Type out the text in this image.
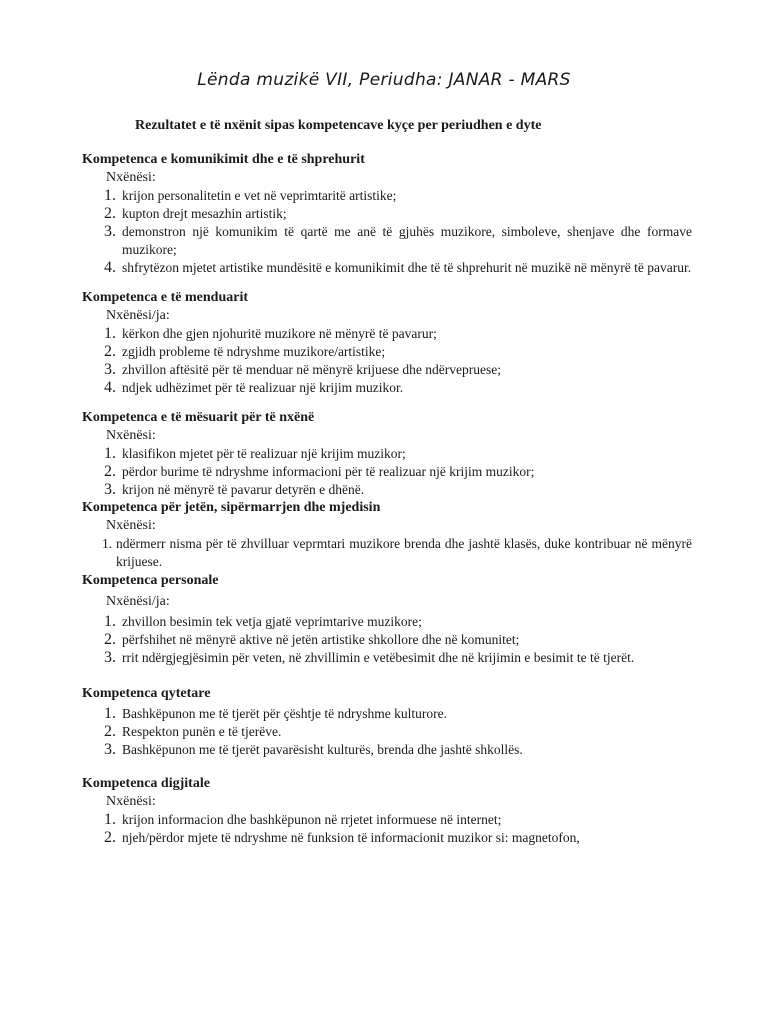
Lënda muzikë VII, Periudha: JANAR - MARS
Rezultatet e të nxënit sipas kompetencave kyçe per periudhen e dyte
Kompetenca e komunikimit dhe e të shprehurit
Nxënësi:
1. krijon personalitetin e vet në veprimtaritë artistike;
2. kupton drejt mesazhin artistik;
3. demonstron një komunikim të qartë me anë të gjuhës muzikore, simboleve, shenjave dhe formave muzikore;
4. shfrytëzon mjetet artistike mundësitë e komunikimit dhe të të shprehurit në muzikë në mënyrë të pavarur.
Kompetenca e të menduarit
Nxënësi/ja:
1. kërkon dhe gjen njohuritë muzikore në mënyrë të pavarur;
2. zgjidh probleme të ndryshme muzikore/artistike;
3. zhvillon aftësitë për të menduar në mënyrë krijuese dhe ndërvepruese;
4. ndjek udhëzimet për të realizuar një krijim muzikor.
Kompetenca e të mësuarit për të nxënë
Nxënësi:
1. klasifikon mjetet për të realizuar një krijim muzikor;
2. përdor burime të ndryshme informacioni për të realizuar një krijim muzikor;
3. krijon në mënyrë të pavarur detyrën e dhënë.
Kompetenca për jetën, sipërmarrjen dhe mjedisin
Nxënësi:
1. ndërmerr nisma për të zhvilluar veprmtari muzikore brenda dhe jashtë klasës, duke kontribuar në mënyrë krijuese.
Kompetenca personale
Nxënësi/ja:
1. zhvillon besimin tek vetja gjatë veprimtarive muzikore;
2. përfshihet në mënyrë aktive në jetën artistike shkollore dhe në komunitet;
3. rrit ndërgjegjësimin për veten, në zhvillimin e vetëbesimit dhe në krijimin e besimit te të tjerët.
Kompetenca qytetare
1. Bashkëpunon me të tjerët për çështje të ndryshme kulturore.
2. Respekton punën e të tjerëve.
3. Bashkëpunon me të tjerët pavarësisht kulturës, brenda dhe jashtë shkollës.
Kompetenca digjitale
Nxënësi:
1. krijon informacion dhe bashkëpunon në rrjetet informuese në internet;
2. njeh/përdor mjete të ndryshme në funksion të informacionit muzikor si: magnetofon,
